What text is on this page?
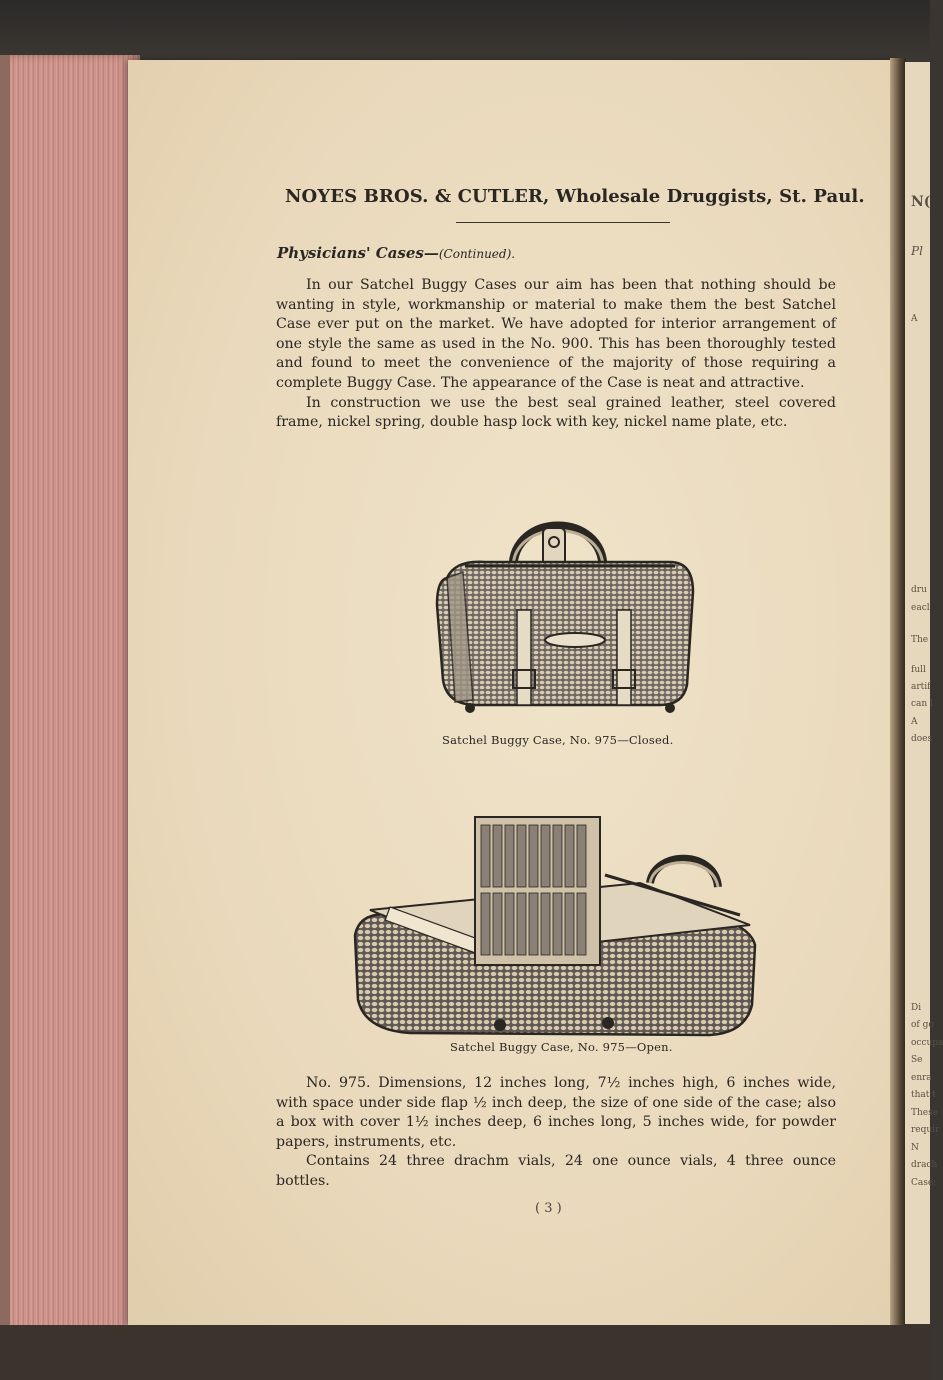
N(
Pl
A
dru
eacl
The
full
artif
can l
A
does
Di
of go
occupa
Se
enra
that t
These
requir
N
drach
Case;
NOYES BROS. & CUTLER, Wholesale Druggists, St. Paul.
Physicians' Cases—(Continued).

In our Satchel Buggy Cases our aim has been that nothing should be wanting in style, workmanship or material to make them the best Satchel Case ever put on the market. We have adopted for interior arrangement of one style the same as used in the No. 900. This has been thoroughly tested and found to meet the convenience of the majority of those requiring a complete Buggy Case. The appearance of the Case is neat and attractive.

In construction we use the best seal grained leather, steel covered frame, nickel spring, double hasp lock with key, nickel name plate, etc.

Satchel Buggy Case, No. 975—Closed.
Satchel Buggy Case, No. 975—Open.

No. 975. Dimensions, 12 inches long, 7½ inches high, 6 inches wide, with space under side flap ½ inch deep, the size of one side of the case; also a box with cover 1½ inches deep, 6 inches long, 5 inches wide, for powder papers, instruments, etc.

Contains 24 three drachm vials, 24 one ounce vials, 4 three ounce bottles.

( 3 )
